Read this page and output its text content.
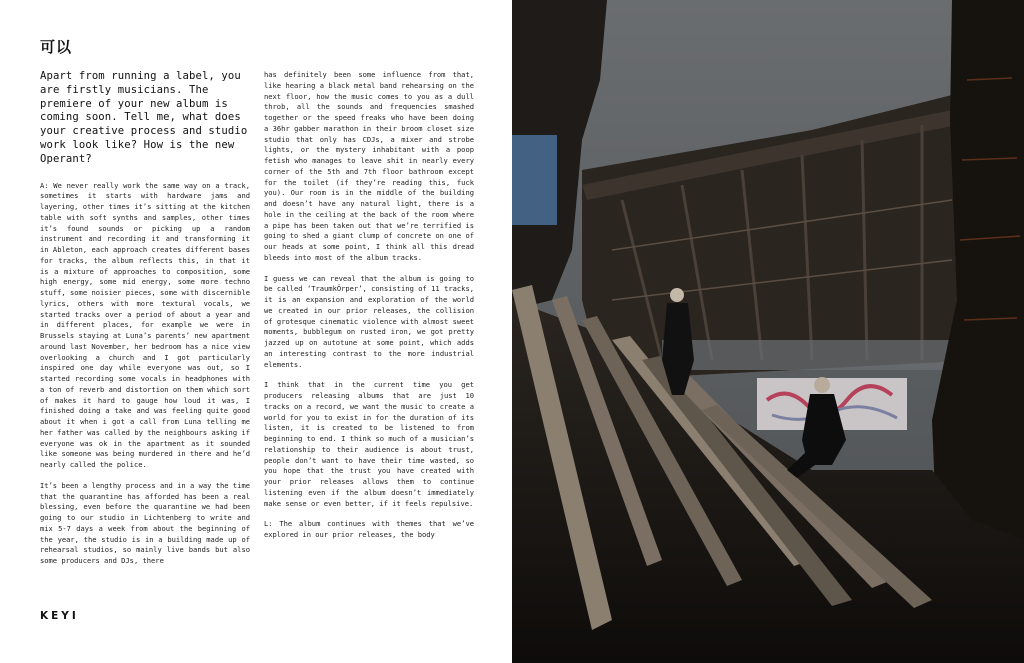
可以
Apart from running a label, you are firstly musicians. The premiere of your new album is coming soon. Tell me, what does your creative process and studio work look like? How is the new Operant?

A: We never really work the same way on a track, sometimes it starts with hardware jams and layering, other times it’s sitting at the kitchen table with soft synths and samples, other times it’s found sounds or picking up a random instrument and recording it and transforming it in Ableton, each approach creates different bases for tracks, the album reflects this, in that it is a mixture of approaches to composition, some high energy, some mid energy, some more techno stuff, some noisier pieces, some with discernible lyrics, others with more textural vocals, we started tracks over a period of about a year and in different places, for example we were in Brussels staying at Luna’s parents’ new apartment around last November, her bedroom has a nice view overlooking a church and I got particularly inspired one day while everyone was out, so I started recording some vocals in headphones with a ton of reverb and distortion on them which sort of makes it hard to gauge how loud it was, I finished doing a take and was feeling quite good about it when i got a call from Luna telling me her father was called by the neighbours asking if everyone was ok in the apartment as it sounded like someone was being murdered in there and he’d nearly called the police.

It’s been a lengthy process and in a way the time that the quarantine has afforded has been a real blessing, even before the quarantine we had been going to our studio in Lichtenberg to write and mix 5-7 days a week from about the beginning of the year, the studio is in a building made up of rehearsal studios, so mainly live bands but also some producers and DJs, there

has definitely been some influence from that, like hearing a black metal band rehearsing on the next floor, how the music comes to you as a dull throb, all the sounds and frequencies smashed together or the speed freaks who have been doing a 36hr gabber marathon in their broom closet size studio that only has CDJs, a mixer and strobe lights, or the mystery inhabitant with a poop fetish who manages to leave shit in nearly every corner of the 5th and 7th floor bathroom except for the toilet (if they’re reading this, fuck you). Our room is in the middle of the building and doesn’t have any natural light, there is a hole in the ceiling at the back of the room where a pipe has been taken out that we’re terrified is going to shed a giant clump of concrete on one of our heads at some point, I think all this dread bleeds into most of the album tracks.

I guess we can reveal that the album is going to be called ‘TraumkÖrper’, consisting of 11 tracks, it is an expansion and exploration of the world we created in our prior releases, the collision of grotesque cinematic violence with almost sweet moments, bubblegum on rusted iron, we got pretty jazzed up on autotune at some point, which adds an interesting contrast to the more industrial elements.

I think that in the current time you get producers releasing albums that are just 10 tracks on a record, we want the music to create a world for you to exist in for the duration of its listen, it is created to be listened to from beginning to end. I think so much of a musician’s relationship to their audience is about trust, people don’t want to have their time wasted, so you hope that the trust you have created with your prior releases allows them to continue listening even if the album doesn’t immediately make sense or even better, if it feels repulsive.

L: The album continues with themes that we’ve explored in our prior releases, the body

KEYI
